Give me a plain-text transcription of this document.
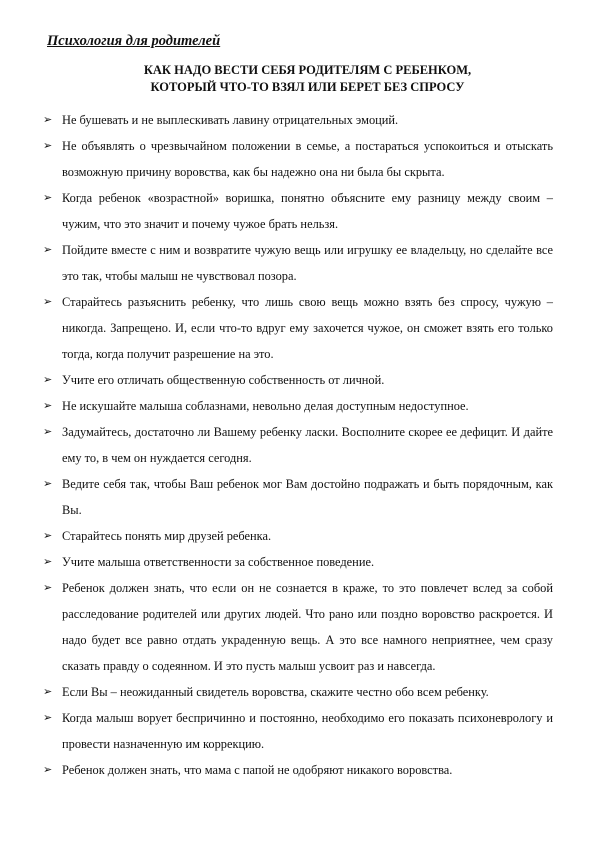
Психология для родителей
КАК НАДО ВЕСТИ СЕБЯ РОДИТЕЛЯМ С РЕБЕНКОМ,
КОТОРЫЙ ЧТО-ТО ВЗЯЛ ИЛИ БЕРЕТ БЕЗ СПРОСУ
➢ Не бушевать и не выплескивать лавину отрицательных эмоций.
➢ Не объявлять о чрезвычайном положении в семье, а постараться успокоиться и отыскать возможную причину воровства, как бы надежно она ни была бы скрыта.
➢ Когда ребенок «возрастной» воришка, понятно объясните ему разницу между своим – чужим, что это значит и почему чужое брать нельзя.
➢ Пойдите вместе с ним и возвратите чужую вещь или игрушку ее владельцу, но сделайте все это так, чтобы малыш не чувствовал позора.
➢ Старайтесь разъяснить ребенку, что лишь свою вещь можно взять без спросу, чужую – никогда. Запрещено. И, если что-то вдруг ему захочется чужое, он сможет взять его только тогда, когда получит разрешение на это.
➢ Учите его отличать общественную собственность от личной.
➢ Не искушайте малыша соблазнами, невольно делая доступным недоступное.
➢ Задумайтесь, достаточно ли Вашему ребенку ласки. Восполните скорее ее дефицит. И дайте ему то, в чем он нуждается сегодня.
➢ Ведите себя так, чтобы Ваш ребенок мог Вам достойно подражать и быть порядочным, как Вы.
➢ Старайтесь понять мир друзей ребенка.
➢ Учите малыша ответственности за собственное поведение.
➢ Ребенок должен знать, что если он не сознается в краже, то это повлечет вслед за собой расследование родителей или других людей. Что рано или поздно воровство раскроется. И надо будет все равно отдать украденную вещь. А это все намного неприятнее, чем сразу сказать правду о содеянном. И это пусть малыш усвоит раз и навсегда.
➢ Если Вы – неожиданный свидетель воровства, скажите честно обо всем ребенку.
➢ Когда малыш ворует беспричинно и постоянно, необходимо его показать психоневрологу и провести назначенную им коррекцию.
➢ Ребенок должен знать, что мама с папой не одобряют никакого воровства.
